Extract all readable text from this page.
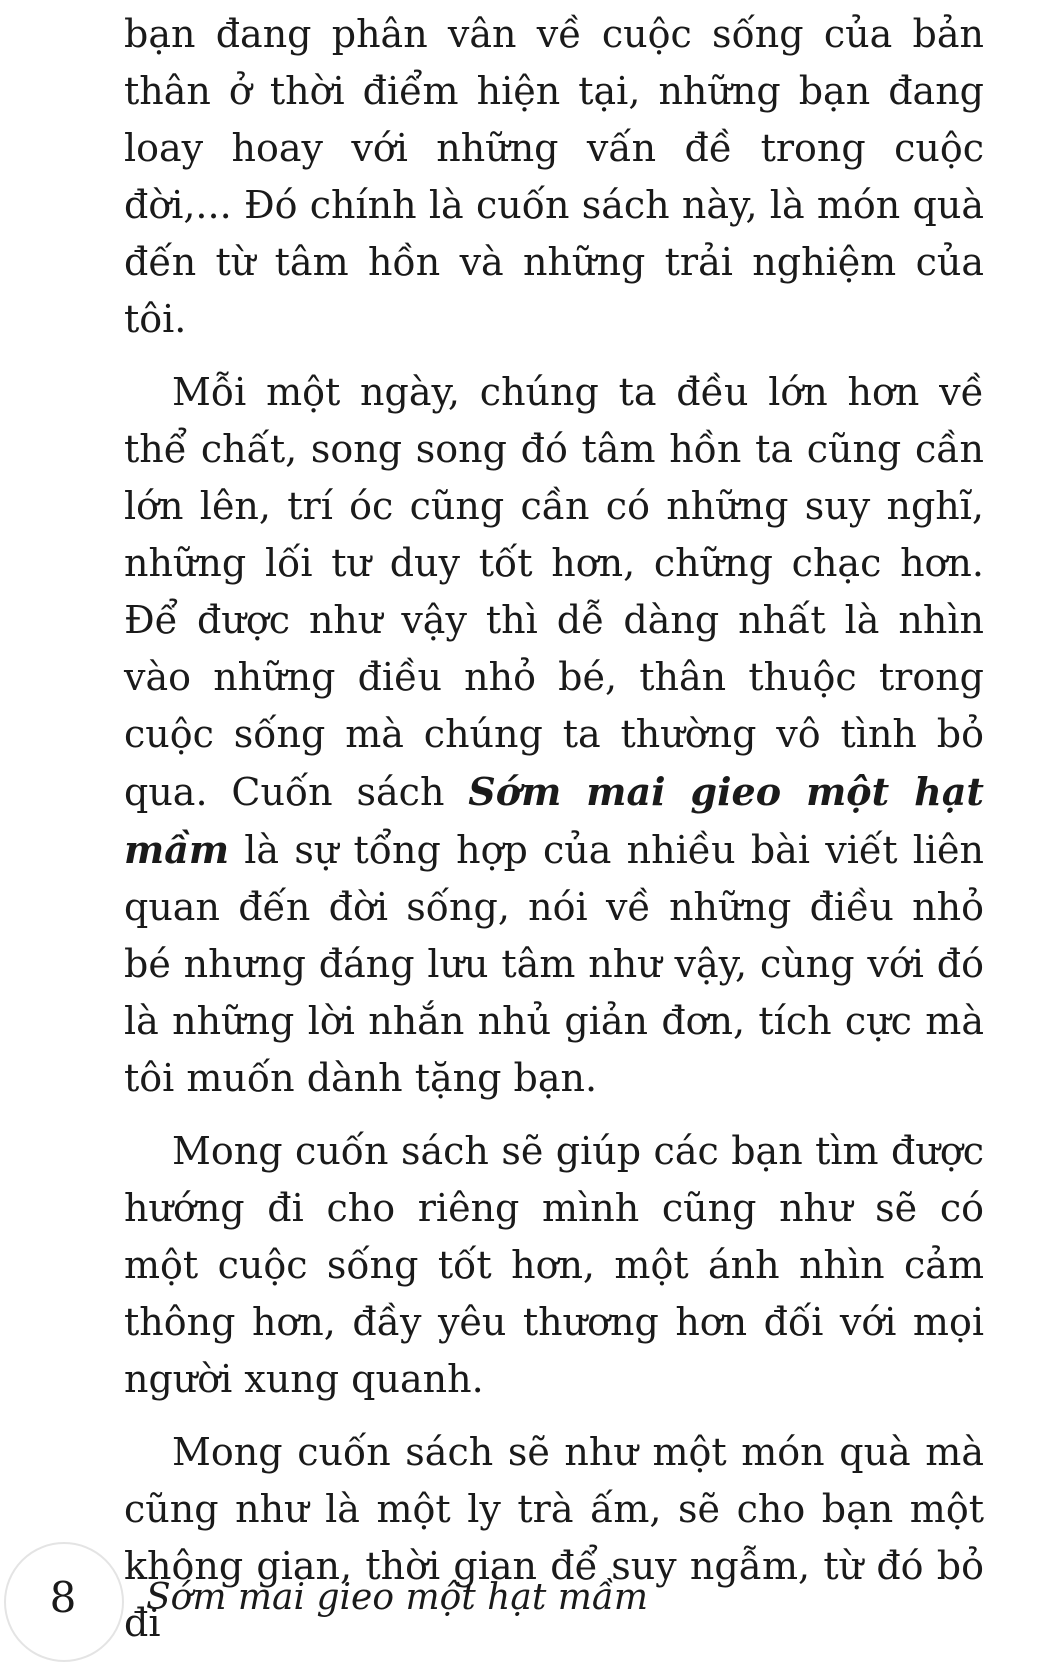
bạn đang phân vân về cuộc sống của bản thân ở thời điểm hiện tại, những bạn đang loay hoay với những vấn đề trong cuộc đời,... Đó chính là cuốn sách này, là món quà đến từ tâm hồn và những trải nghiệm của tôi.

Mỗi một ngày, chúng ta đều lớn hơn về thể chất, song song đó tâm hồn ta cũng cần lớn lên, trí óc cũng cần có những suy nghĩ, những lối tư duy tốt hơn, chững chạc hơn. Để được như vậy thì dễ dàng nhất là nhìn vào những điều nhỏ bé, thân thuộc trong cuộc sống mà chúng ta thường vô tình bỏ qua. Cuốn sách Sớm mai gieo một hạt mầm là sự tổng hợp của nhiều bài viết liên quan đến đời sống, nói về những điều nhỏ bé nhưng đáng lưu tâm như vậy, cùng với đó là những lời nhắn nhủ giản đơn, tích cực mà tôi muốn dành tặng bạn.

Mong cuốn sách sẽ giúp các bạn tìm được hướng đi cho riêng mình cũng như sẽ có một cuộc sống tốt hơn, một ánh nhìn cảm thông hơn, đầy yêu thương hơn đối với mọi người xung quanh.

Mong cuốn sách sẽ như một món quà mà cũng như là một ly trà ấm, sẽ cho bạn một không gian, thời gian để suy ngẫm, từ đó bỏ đi

8	Sớm mai gieo một hạt mầm
